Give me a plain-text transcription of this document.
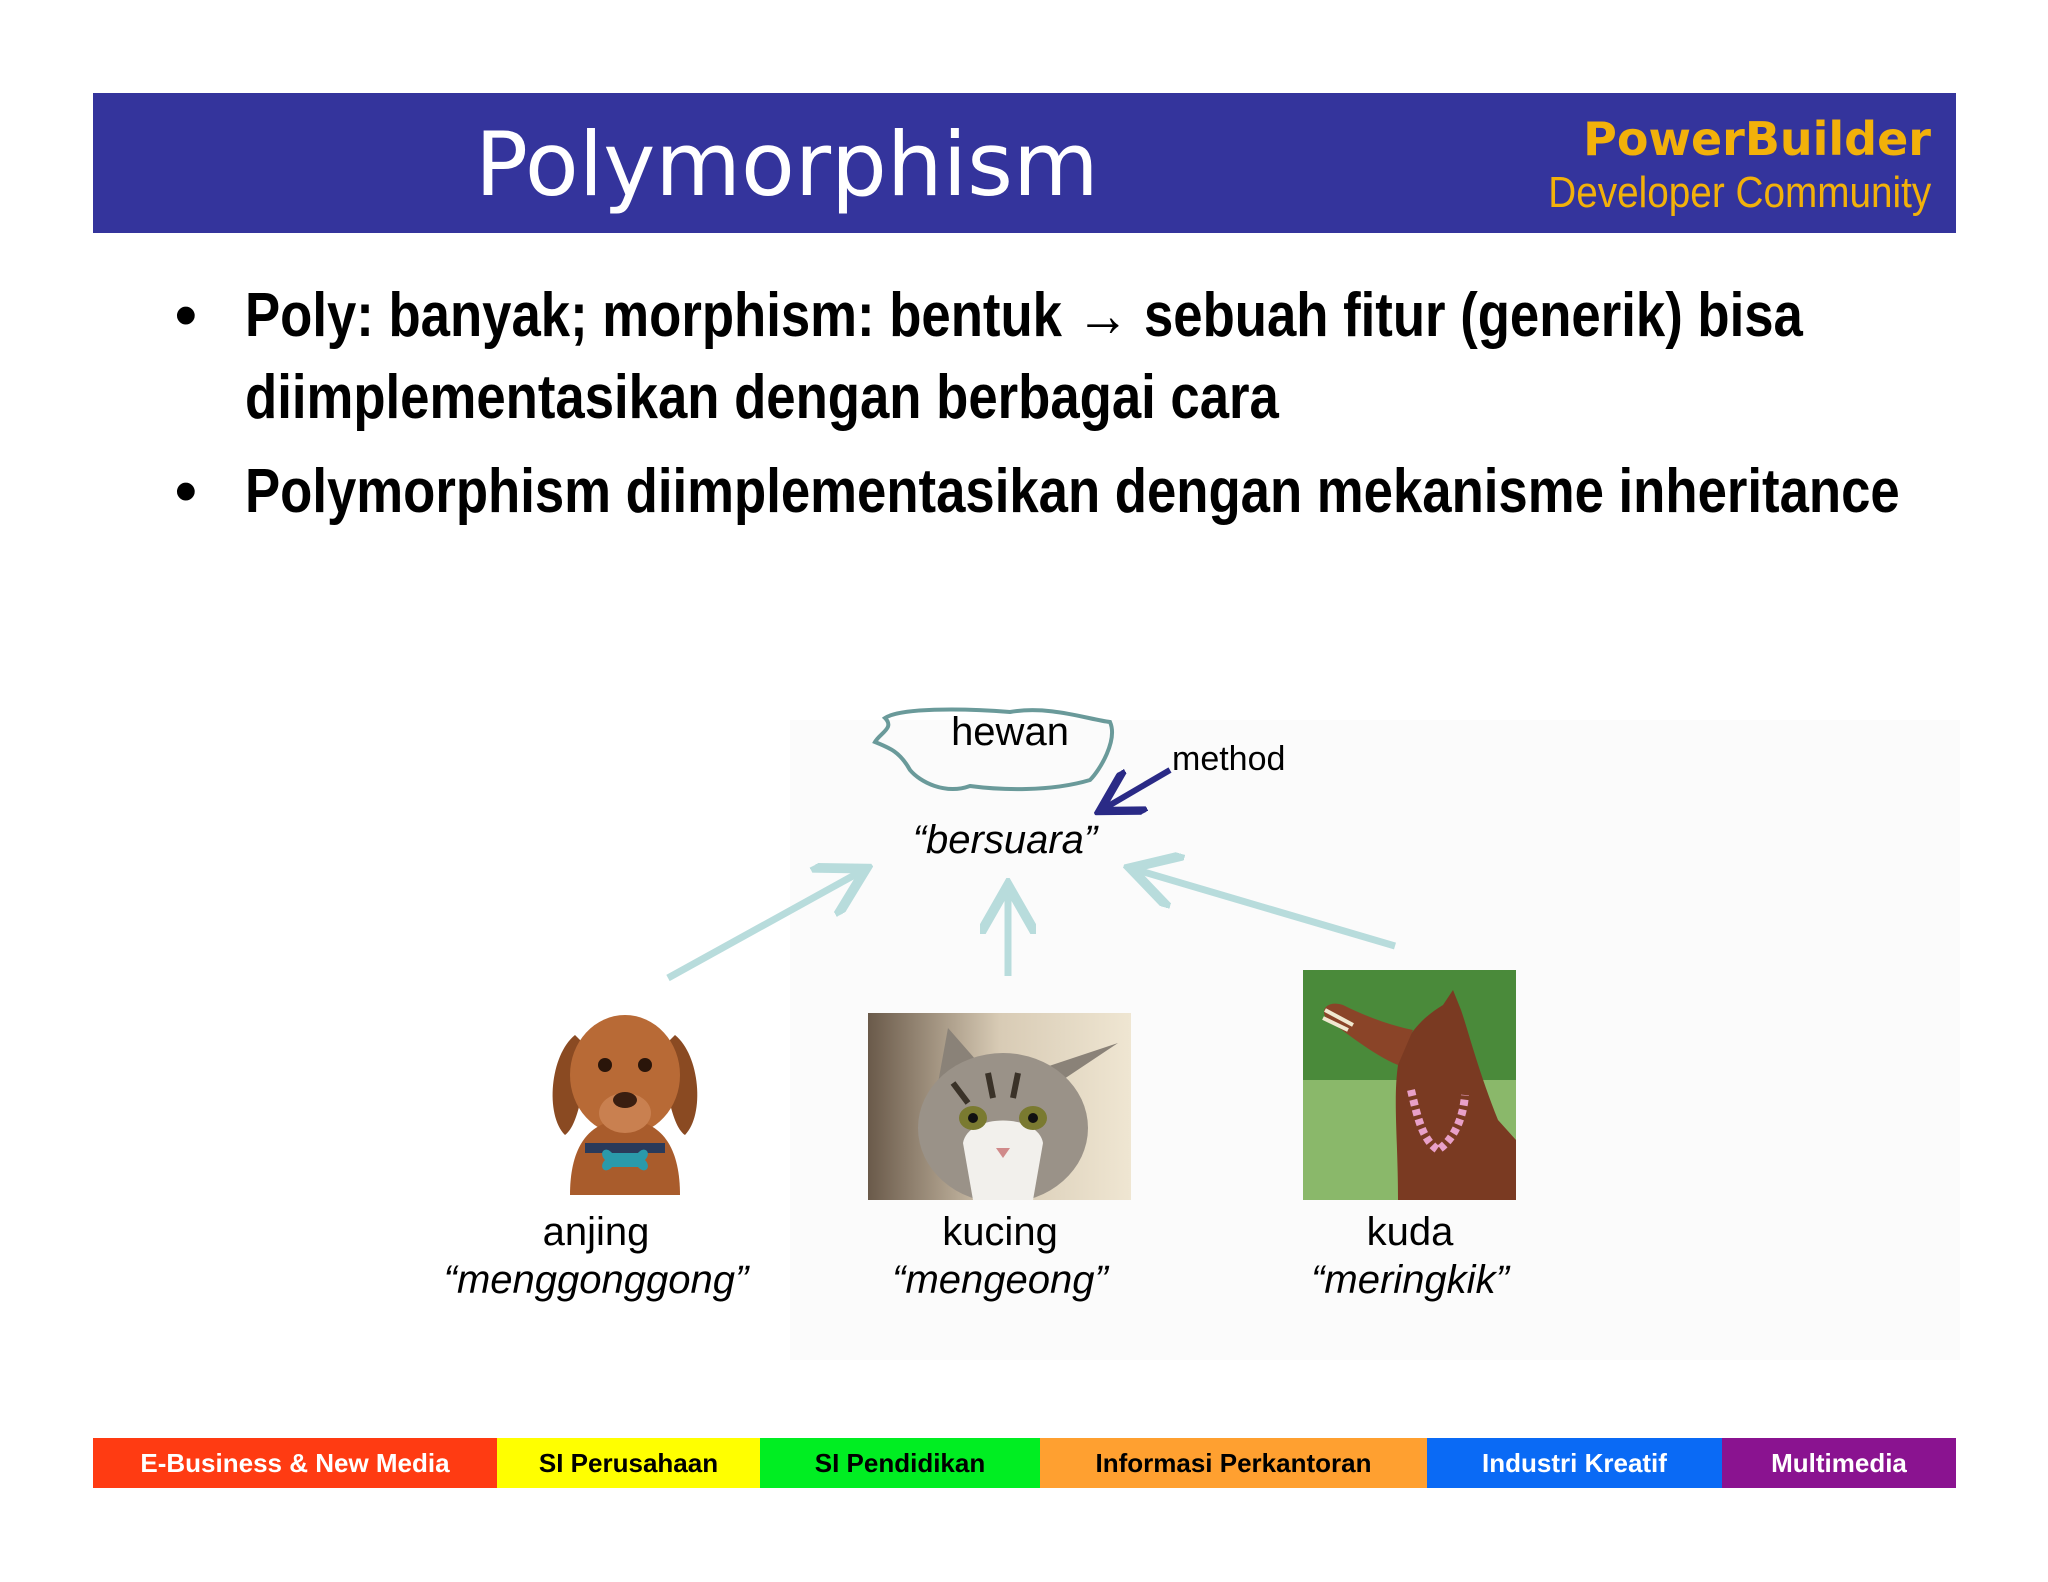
PowerBuilder
Developer Community
Polymorphism
• Poly: banyak; morphism: bentuk → sebuah fitur (generik) bisa diimplementasikan dengan berbagai cara
• Polymorphism diimplementasikan dengan mekanisme inheritance
hewan
method
“bersuara”
anjing
“menggonggong”
kucing
“mengeong”
kuda
“meringkik”
E-Business & New Media	SI Perusahaan	SI Pendidikan	Informasi Perkantoran	Industri Kreatif	Multimedia
